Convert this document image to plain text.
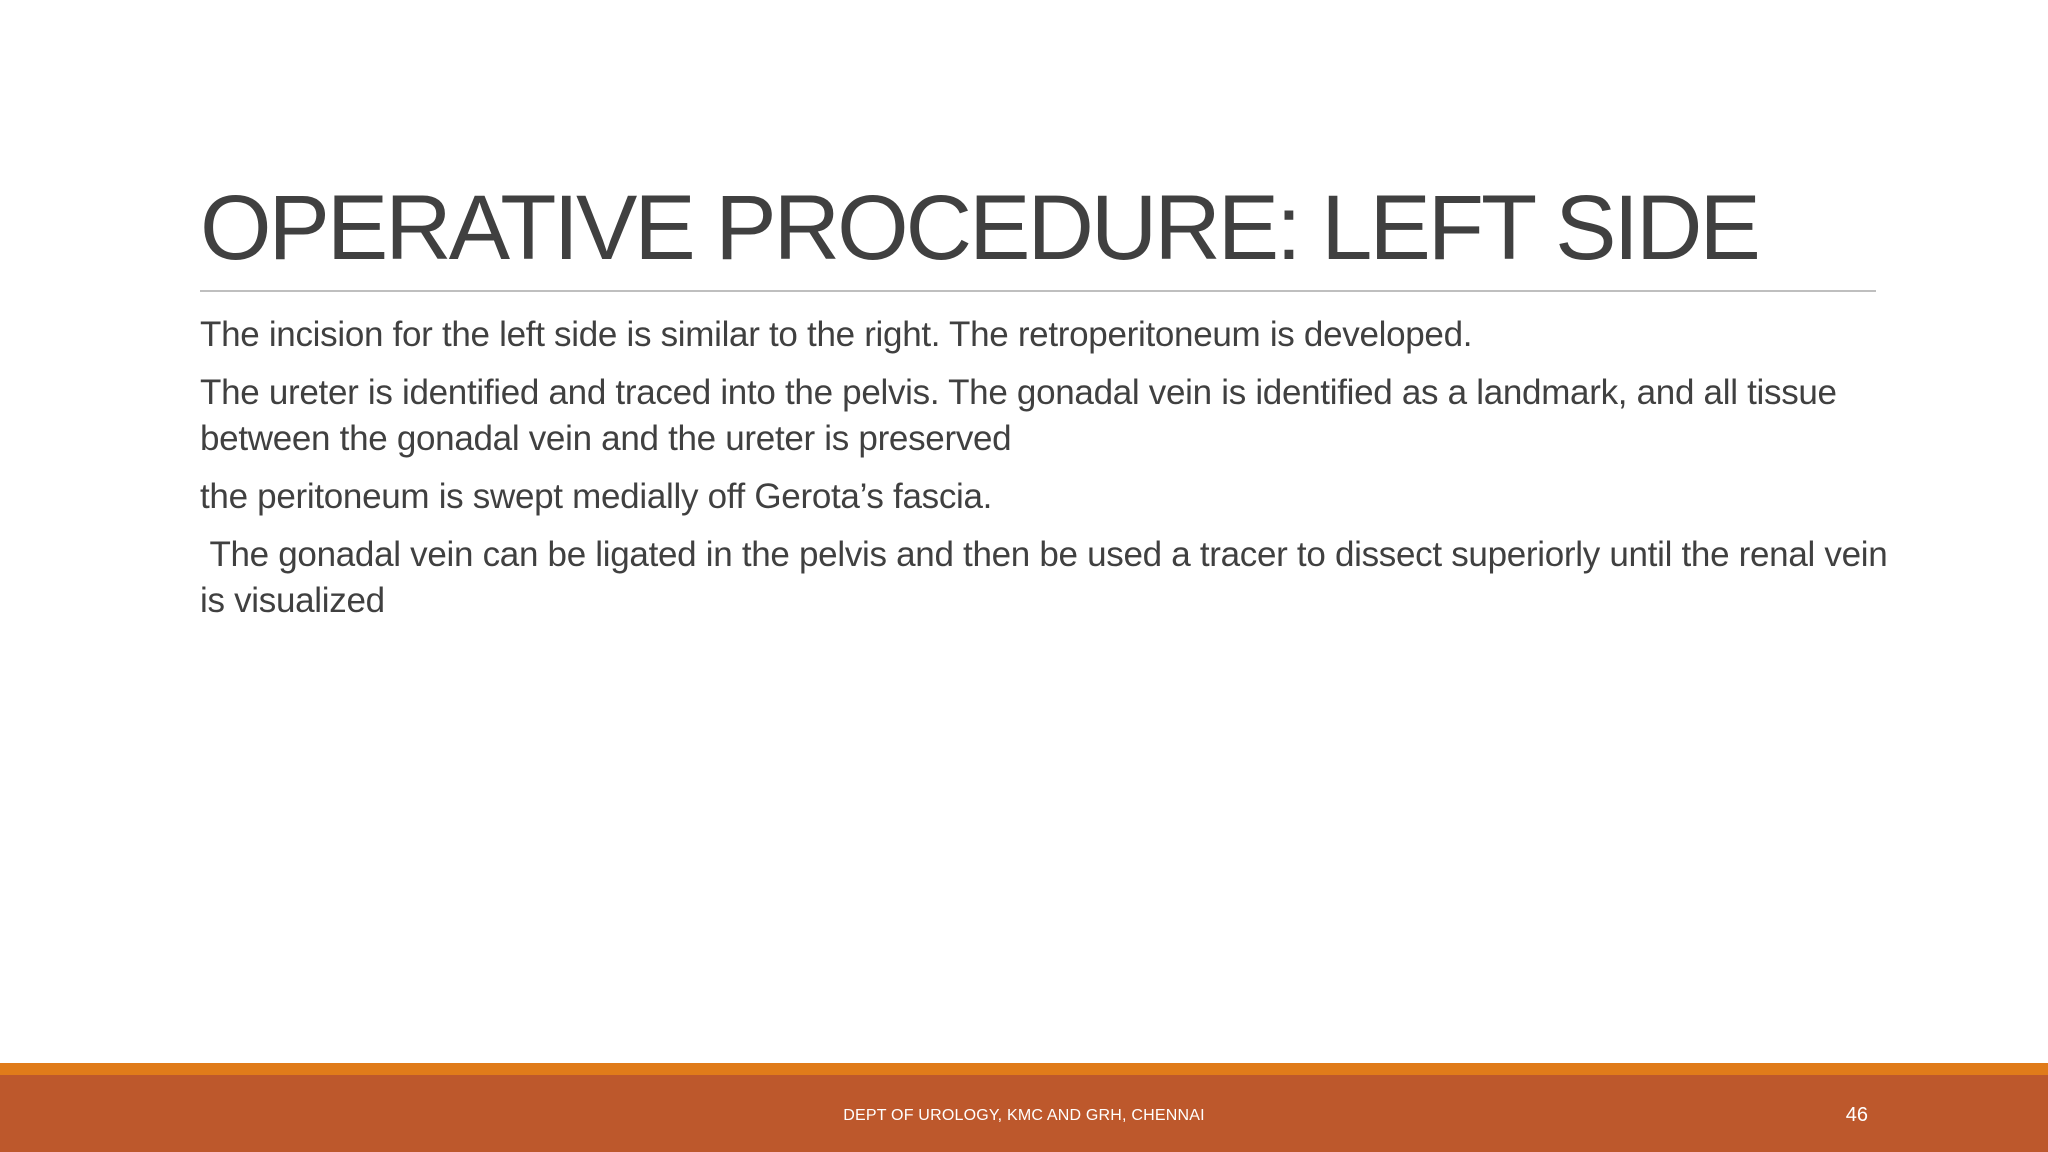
OPERATIVE PROCEDURE: LEFT SIDE

The incision for the left side is similar to the right. The retroperitoneum is developed.

The ureter is identified and traced into the pelvis. The gonadal vein is identified as a landmark, and all tissue between the gonadal vein and the ureter is preserved

the peritoneum is swept medially off Gerota’s fascia.

The gonadal vein can be ligated in the pelvis and then be used a tracer to dissect superiorly until the renal vein is visualized

DEPT OF UROLOGY, KMC AND GRH, CHENNAI	46
